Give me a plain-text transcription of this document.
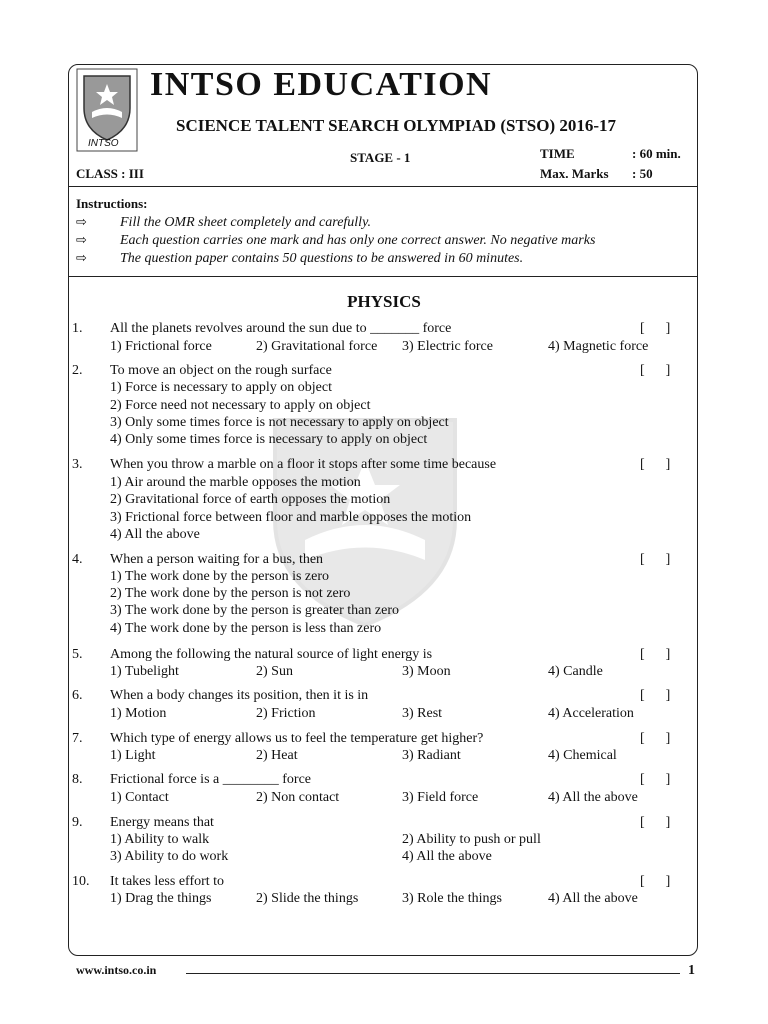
INTSO
INTSO EDUCATION
SCIENCE TALENT SEARCH OLYMPIAD (STSO) 2016-17
STAGE - 1
CLASS : III
TIME	: 60 min.
Max. Marks : 50
Instructions:
⇨ Fill the OMR sheet completely and carefully.
⇨ Each question carries one mark and has only one correct answer. No negative marks
⇨ The question paper contains 50 questions to be answered in 60 minutes.
PHYSICS
1. All the planets revolves around the sun due to _______ force	[      ]
1) Frictional force	2) Gravitational force 3) Electric force	4) Magnetic force
2. To move an object on the rough surface	[      ]
1) Force is necessary to apply on object
2) Force need not necessary to apply on object
3) Only some times force is not necessary to apply on object
4) Only some times force is necessary to apply on object
3. When you throw a marble on a floor it stops after some time because	[      ]
1) Air around the marble opposes the motion
2) Gravitational force of earth opposes the motion
3) Frictional force between floor and marble opposes the motion
4) All the above
4. When a person waiting for a bus, then	[      ]
1) The work done by the person is zero
2) The work done by the person is not zero
3) The work done by the person is greater than zero
4) The work done by the person is less than zero
5. Among the following the natural source of light energy is	[      ]
1) Tubelight	2) Sun	3) Moon	4) Candle
6. When a body changes its position, then it is in	[      ]
1) Motion	2) Friction	3) Rest	4) Acceleration
7. Which type of energy allows us to feel the temperature get higher?	[      ]
1) Light	2) Heat	3) Radiant	4) Chemical
8. Frictional force is a ________ force	[      ]
1) Contact	2) Non contact	3) Field force	4) All the above
9. Energy means that	[      ]
1) Ability to walk	2) Ability to push or pull
3) Ability to do work	4) All the above
10. It takes less effort to	[      ]
1) Drag the things	2) Slide the things	3) Role the things	4) All the above
www.intso.co.in	1
